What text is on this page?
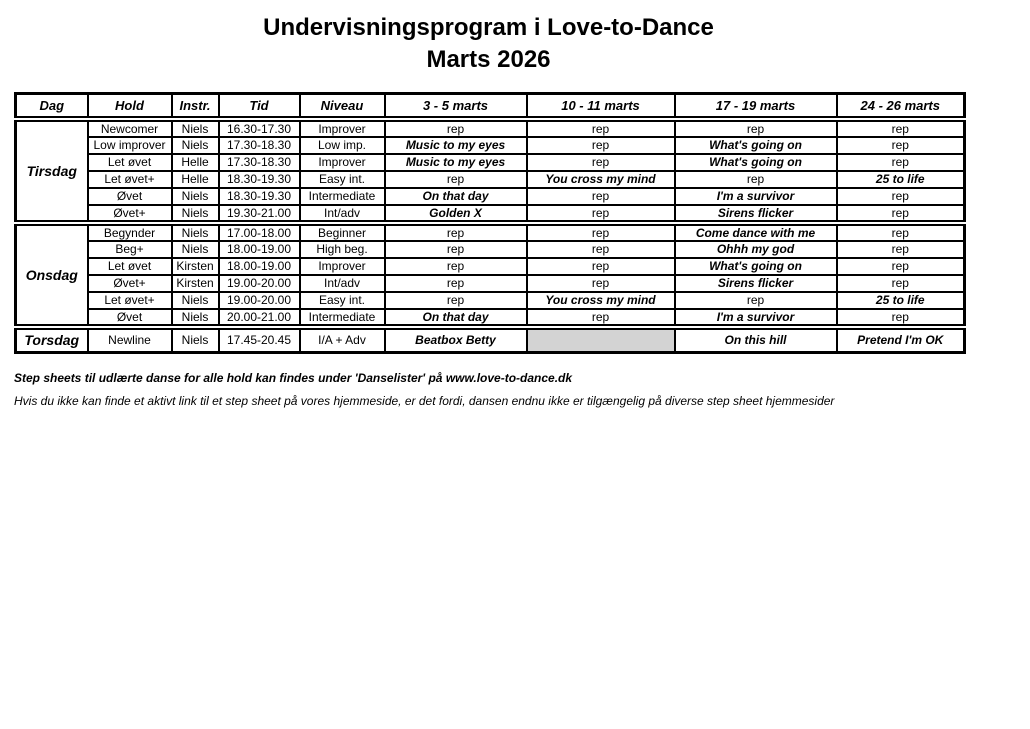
Undervisningsprogram i Love-to-Dance
Marts 2026
Dag	Hold	Instr.	Tid	Niveau	3 - 5 marts	10 - 11 marts	17 - 19 marts	24 - 26 marts
Tirsdag	Newcomer	Niels	16.30-17.30	Improver	rep	rep	rep	rep
	Low improver	Niels	17.30-18.30	Low imp.	Music to my eyes	rep	What's going on	rep
	Let øvet	Helle	17.30-18.30	Improver	Music to my eyes	rep	What's going on	rep
	Let øvet+	Helle	18.30-19.30	Easy int.	rep	You cross my mind	rep	25 to life
	Øvet	Niels	18.30-19.30	Intermediate	On that day	rep	I'm a survivor	rep
	Øvet+	Niels	19.30-21.00	Int/adv	Golden X	rep	Sirens flicker	rep
Onsdag	Begynder	Niels	17.00-18.00	Beginner	rep	rep	Come dance with me	rep
	Beg+	Niels	18.00-19.00	High beg.	rep	rep	Ohhh my god	rep
	Let øvet	Kirsten	18.00-19.00	Improver	rep	rep	What's going on	rep
	Øvet+	Kirsten	19.00-20.00	Int/adv	rep	rep	Sirens flicker	rep
	Let øvet+	Niels	19.00-20.00	Easy int.	rep	You cross my mind	rep	25 to life
	Øvet	Niels	20.00-21.00	Intermediate	On that day	rep	I'm a survivor	rep
Torsdag	Newline	Niels	17.45-20.45	I/A + Adv	Beatbox Betty		On this hill	Pretend I'm OK
Step sheets til udlærte danse for alle hold kan findes under 'Danselister' på www.love-to-dance.dk
Hvis du ikke kan finde et aktivt link til et step sheet på vores hjemmeside, er det fordi, dansen endnu ikke er tilgængelig på diverse step sheet hjemmesider
